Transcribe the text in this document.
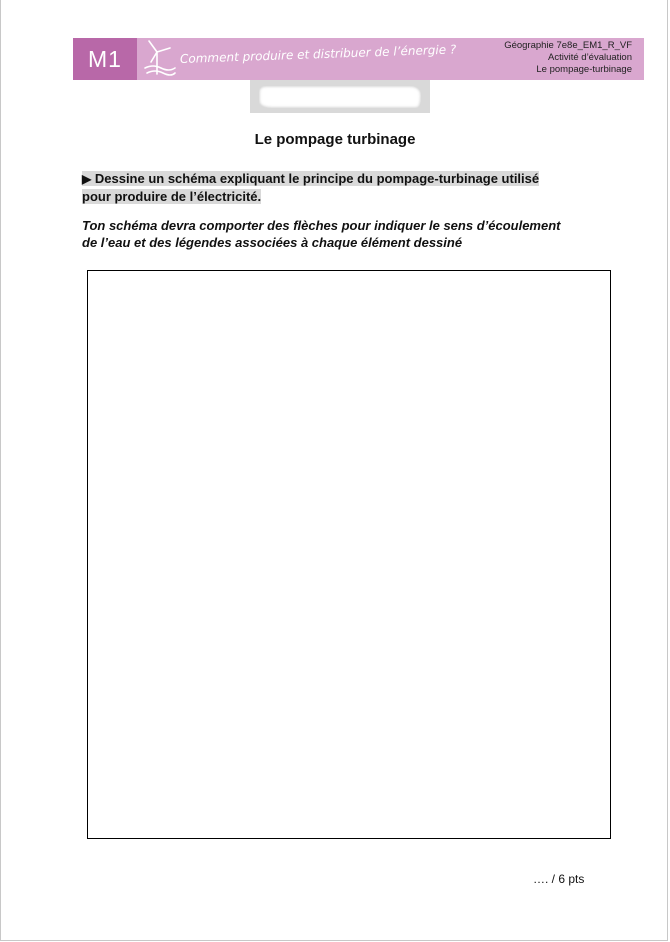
M1	Comment produire et distribuer de l’énergie ?	Géographie 7e8e_EM1_R_VF
Activité d’évaluation
Le pompage-turbinage
Le pompage turbinage
▶ Dessine un schéma expliquant le principe du pompage-turbinage utilisé
pour produire de l’électricité.
Ton schéma devra comporter des flèches pour indiquer le sens d’écoulement
de l’eau et des légendes associées à chaque élément dessiné
…. / 6 pts
